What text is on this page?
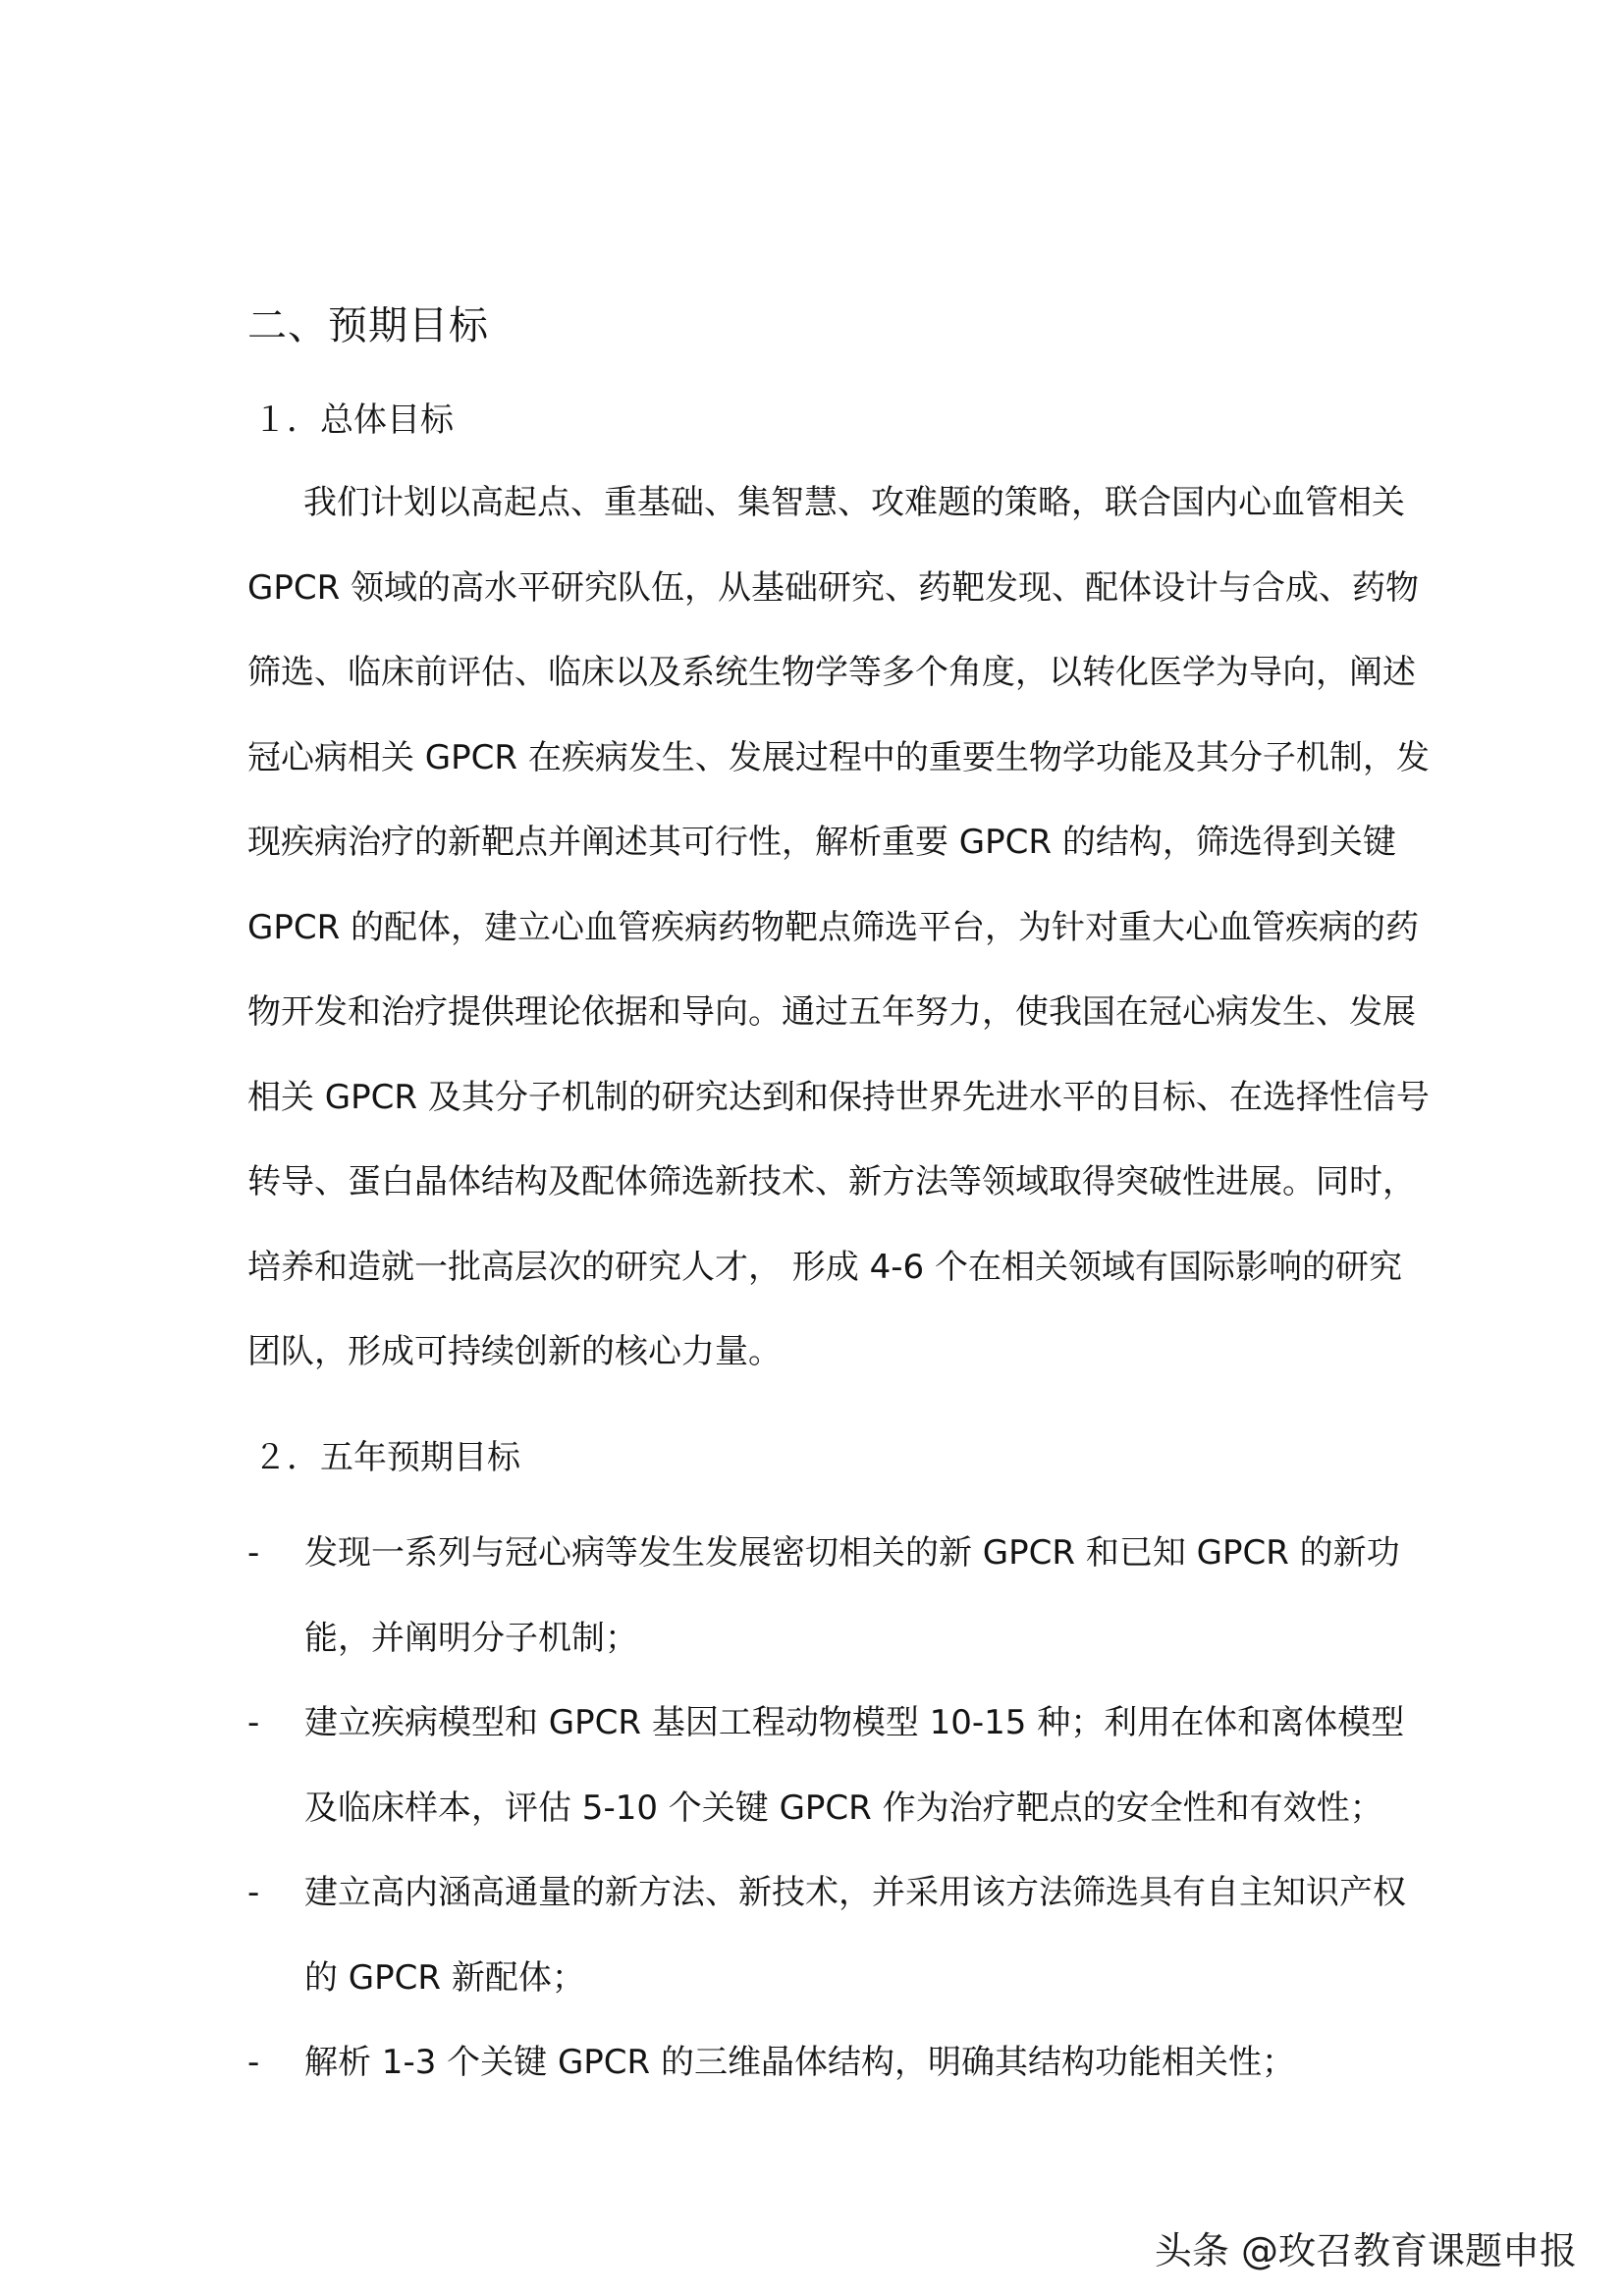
二、预期目标
１．总体目标
我们计划以高起点、重基础、集智慧、攻难题的策略，联合国内心血管相关
GPCR 领域的高水平研究队伍，从基础研究、药靶发现、配体设计与合成、药物
筛选、临床前评估、临床以及系统生物学等多个角度，以转化医学为导向，阐述
冠心病相关 GPCR 在疾病发生、发展过程中的重要生物学功能及其分子机制，发
现疾病治疗的新靶点并阐述其可行性，解析重要 GPCR 的结构，筛选得到关键
GPCR 的配体，建立心血管疾病药物靶点筛选平台，为针对重大心血管疾病的药
物开发和治疗提供理论依据和导向。通过五年努力，使我国在冠心病发生、发展
相关 GPCR 及其分子机制的研究达到和保持世界先进水平的目标、在选择性信号
转导、蛋白晶体结构及配体筛选新技术、新方法等领域取得突破性进展。同时，
培养和造就一批高层次的研究人才， 形成 4-6 个在相关领域有国际影响的研究
团队，形成可持续创新的核心力量。
２．五年预期目标
-	发现一系列与冠心病等发生发展密切相关的新 GPCR 和已知 GPCR 的新功
能，并阐明分子机制；
-	建立疾病模型和 GPCR 基因工程动物模型 10-15 种；利用在体和离体模型
及临床样本，评估 5-10 个关键 GPCR 作为治疗靶点的安全性和有效性；
-	建立高内涵高通量的新方法、新技术，并采用该方法筛选具有自主知识产权
的 GPCR 新配体；
-	解析 1-3 个关键 GPCR 的三维晶体结构，明确其结构功能相关性；
头条 @玫召教育课题申报
